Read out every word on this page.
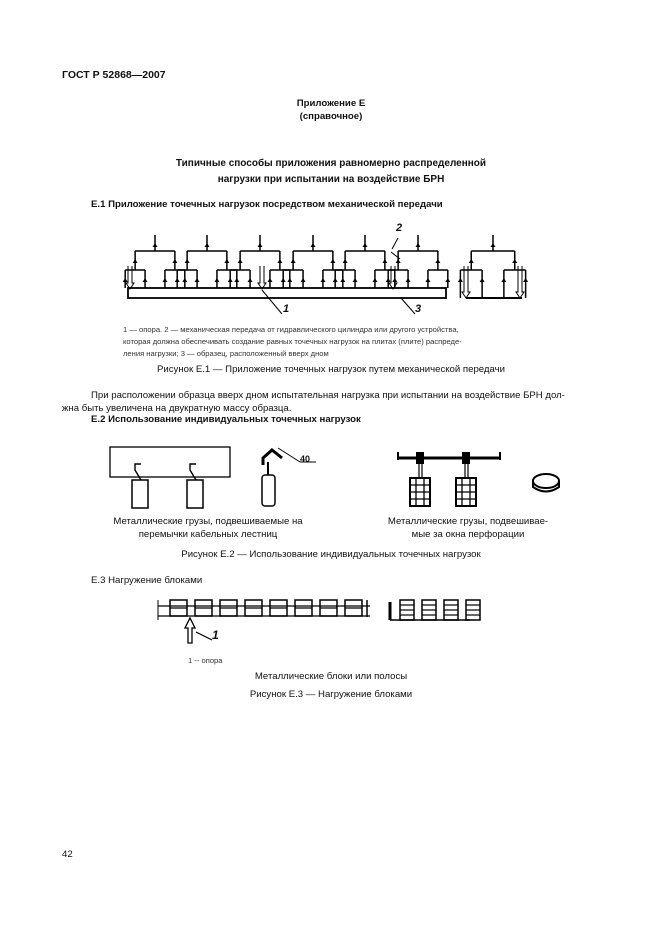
ГОСТ Р 52868—2007
Приложение Е
(справочное)
Типичные способы приложения равномерно распределенной
нагрузки при испытании на воздействие БРН
Е.1 Приложение точечных нагрузок посредством механической передачи
2
1	3
1 — опора. 2 — механическая передача от гидравлического цилиндра или другого устройства,
которая должна обеспечивать создание равных точечных нагрузок на плитах (плите) распреде-
ления нагрузки; 3 — образец, расположенный вверх дном
Рисунок Е.1 — Приложение точечных нагрузок путем механической передачи
При расположении образца вверх дном испытательная нагрузка при испытании на воздействие БРН дол-
жна быть увеличена на двукратную массу образца.
Е.2 Использование индивидуальных точечных нагрузок
40
Металлические грузы, подвешиваемые на
перемычки кабельных лестниц
Металлические грузы, подвешивае-
мые за окна перфорации
Рисунок Е.2 — Использование индивидуальных точечных нагрузок
Е.3 Нагружение блоками
1
1 -- опора
Металлические блоки или полосы
Рисунок Е.3 — Нагружение блоками
42
